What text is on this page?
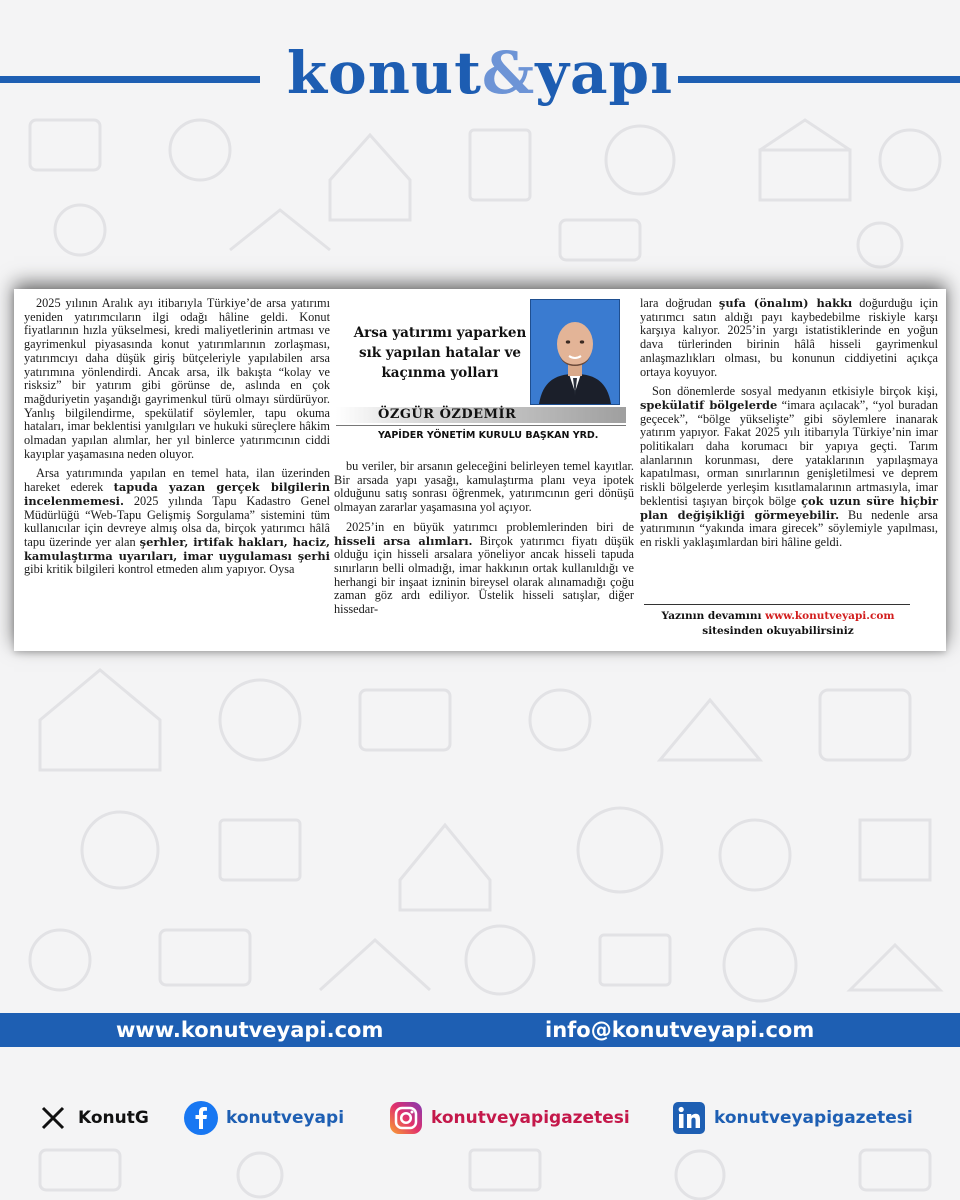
konut&yapı

2025 yılının Aralık ayı itibarıyla Türkiye’de arsa yatırımı yeniden yatırımcıların ilgi odağı hâline geldi. Konut fiyatlarının hızla yükselmesi, kredi maliyetlerinin artması ve gayrimenkul piyasasında konut yatırımlarının zorlaşması, yatırımcıyı daha düşük giriş bütçeleriyle yapılabilen arsa yatırımına yönlendirdi. Ancak arsa, ilk bakışta “kolay ve risksiz” bir yatırım gibi görünse de, aslında en çok mağduriyetin yaşandığı gayrimenkul türü olmayı sürdürüyor. Yanlış bilgilendirme, spekülatif söylemler, tapu okuma hataları, imar beklentisi yanılgıları ve hukuki süreçlere hâkim olmadan yapılan alımlar, her yıl binlerce yatırımcının ciddi kayıplar yaşamasına neden oluyor.

Arsa yatırımında yapılan en temel hata, ilan üzerinden hareket ederek tapuda yazan gerçek bilgilerin incelenmemesi. 2025 yılında Tapu Kadastro Genel Müdürlüğü “Web-Tapu Gelişmiş Sorgulama” sistemini tüm kullanıcılar için devreye almış olsa da, birçok yatırımcı hâlâ tapu üzerinde yer alan şerhler, irtifak hakları, haciz, kamulaştırma uyarıları, imar uygulaması şerhi gibi kritik bilgileri kontrol etmeden alım yapıyor. Oysa

Arsa yatırımı yaparken
sık yapılan hatalar ve
kaçınma yolları
ÖZGÜR ÖZDEMİR
YAPİDER YÖNETİM KURULU BAŞKAN YRD.

bu veriler, bir arsanın geleceğini belirleyen temel kayıtlar. Bir arsada yapı yasağı, kamulaştırma planı veya ipotek olduğunu satış sonrası öğrenmek, yatırımcının geri dönüşü olmayan zararlar yaşamasına yol açıyor.

2025’in en büyük yatırımcı problemlerinden biri de hisseli arsa alımları. Birçok yatırımcı fiyatı düşük olduğu için hisseli arsalara yöneliyor ancak hisseli tapuda sınırların belli olmadığı, imar hakkının ortak kullanıldığı ve herhangi bir inşaat izninin bireysel olarak alınamadığı çoğu zaman göz ardı ediliyor. Üstelik hisseli satışlar, diğer hissedar-

lara doğrudan şufa (önalım) hakkı doğurduğu için yatırımcı satın aldığı payı kaybedebilme riskiyle karşı karşıya kalıyor. 2025’in yargı istatistiklerinde en yoğun dava türlerinden birinin hâlâ hisseli gayrimenkul anlaşmazlıkları olması, bu konunun ciddiyetini açıkça ortaya koyuyor.

Son dönemlerde sosyal medyanın etkisiyle birçok kişi, spekülatif bölgelerde “imara açılacak”, “yol buradan geçecek”, “bölge yükselişte” gibi söylemlere inanarak yatırım yapıyor. Fakat 2025 yılı itibarıyla Türkiye’nin imar politikaları daha korumacı bir yapıya geçti. Tarım alanlarının korunması, dere yataklarının yapılaşmaya kapatılması, orman sınırlarının genişletilmesi ve deprem riskli bölgelerde yerleşim kısıtlamalarının artmasıyla, imar beklentisi taşıyan birçok bölge çok uzun süre hiçbir plan değişikliği görmeyebilir. Bu nedenle arsa yatırımının “yakında imara girecek” söylemiyle yapılması, en riskli yaklaşımlardan biri hâline geldi.

Yazının devamını www.konutveyapi.com
sitesinden okuyabilirsiniz
www.konutveyapi.com	info@konutveyapi.com
KonutG	konutveyapi	konutveyapigazetesi	konutveyapigazetesi
